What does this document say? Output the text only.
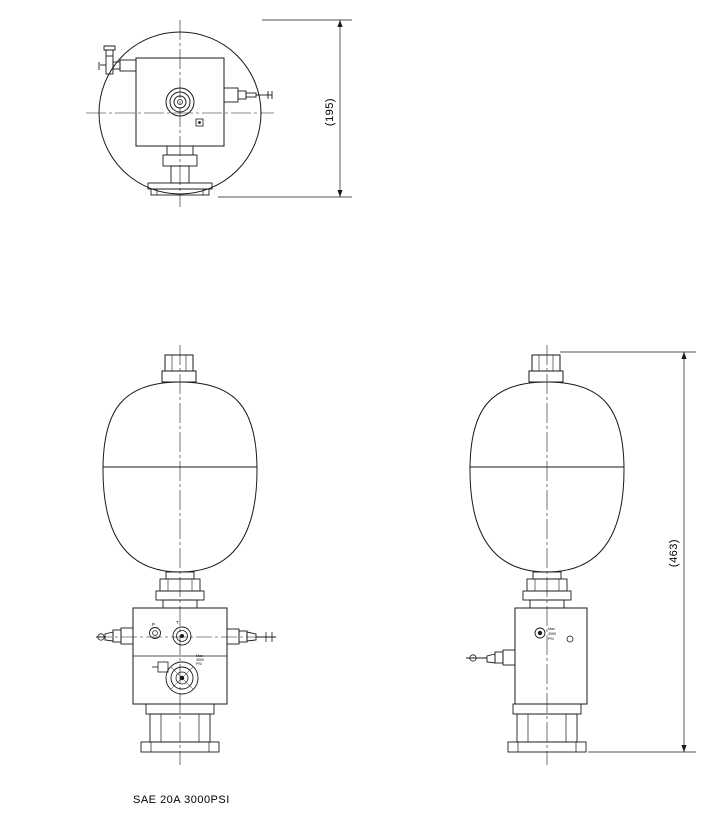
(195)
P	T
Max
3000
PSI
Max
3000
PSI
(463)
SAE 20A 3000PSI
